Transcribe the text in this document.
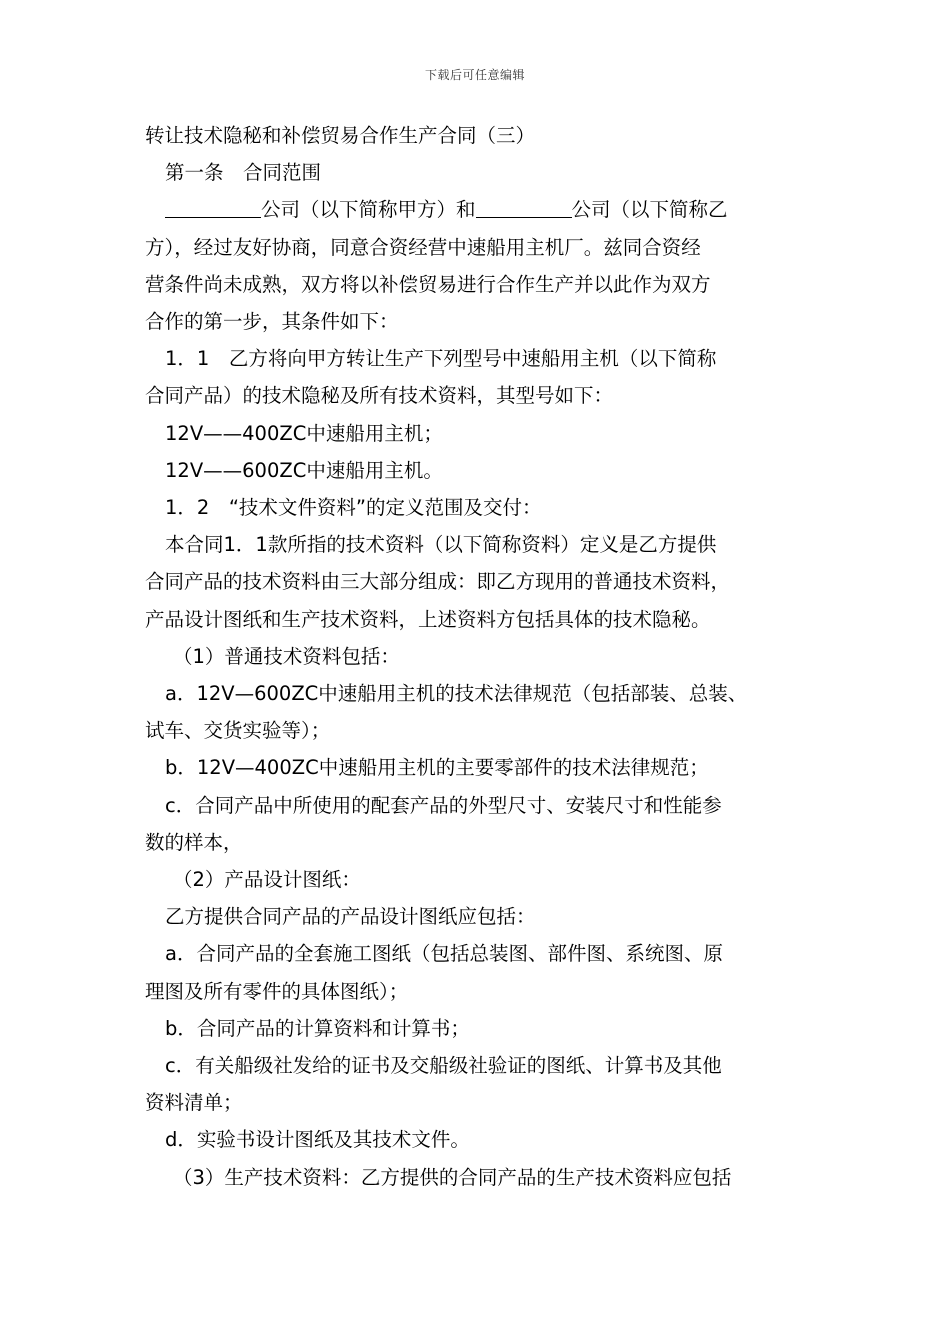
下载后可任意编辑

转让技术隐秘和补偿贸易合作生产合同（三）

第一条　合同范围

公司（以下简称甲方）和	公司（以下简称乙

方），经过友好协商，同意合资经营中速船用主机厂。兹同合资经

营条件尚未成熟，双方将以补偿贸易进行合作生产并以此作为双方

合作的第一步，其条件如下：

1．1　乙方将向甲方转让生产下列型号中速船用主机（以下简称

合同产品）的技术隐秘及所有技术资料，其型号如下：

12V——400ZC中速船用主机；

12V——600ZC中速船用主机。

1．2　“技术文件资料”的定义范围及交付：

本合同1．1款所指的技术资料（以下简称资料）定义是乙方提供

合同产品的技术资料由三大部分组成：即乙方现用的普通技术资料，

产品设计图纸和生产技术资料，上述资料方包括具体的技术隐秘。

（1）普通技术资料包括：

a．12V—600ZC中速船用主机的技术法律规范（包括部装、总装、

试车、交货实验等）；

b．12V—400ZC中速船用主机的主要零部件的技术法律规范；

c．合同产品中所使用的配套产品的外型尺寸、安装尺寸和性能参

数的样本，

（2）产品设计图纸：

乙方提供合同产品的产品设计图纸应包括：

a．合同产品的全套施工图纸（包括总装图、部件图、系统图、原

理图及所有零件的具体图纸）；

b．合同产品的计算资料和计算书；

c．有关船级社发给的证书及交船级社验证的图纸、计算书及其他

资料清单；

d．实验书设计图纸及其技术文件。

（3）生产技术资料：乙方提供的合同产品的生产技术资料应包括
